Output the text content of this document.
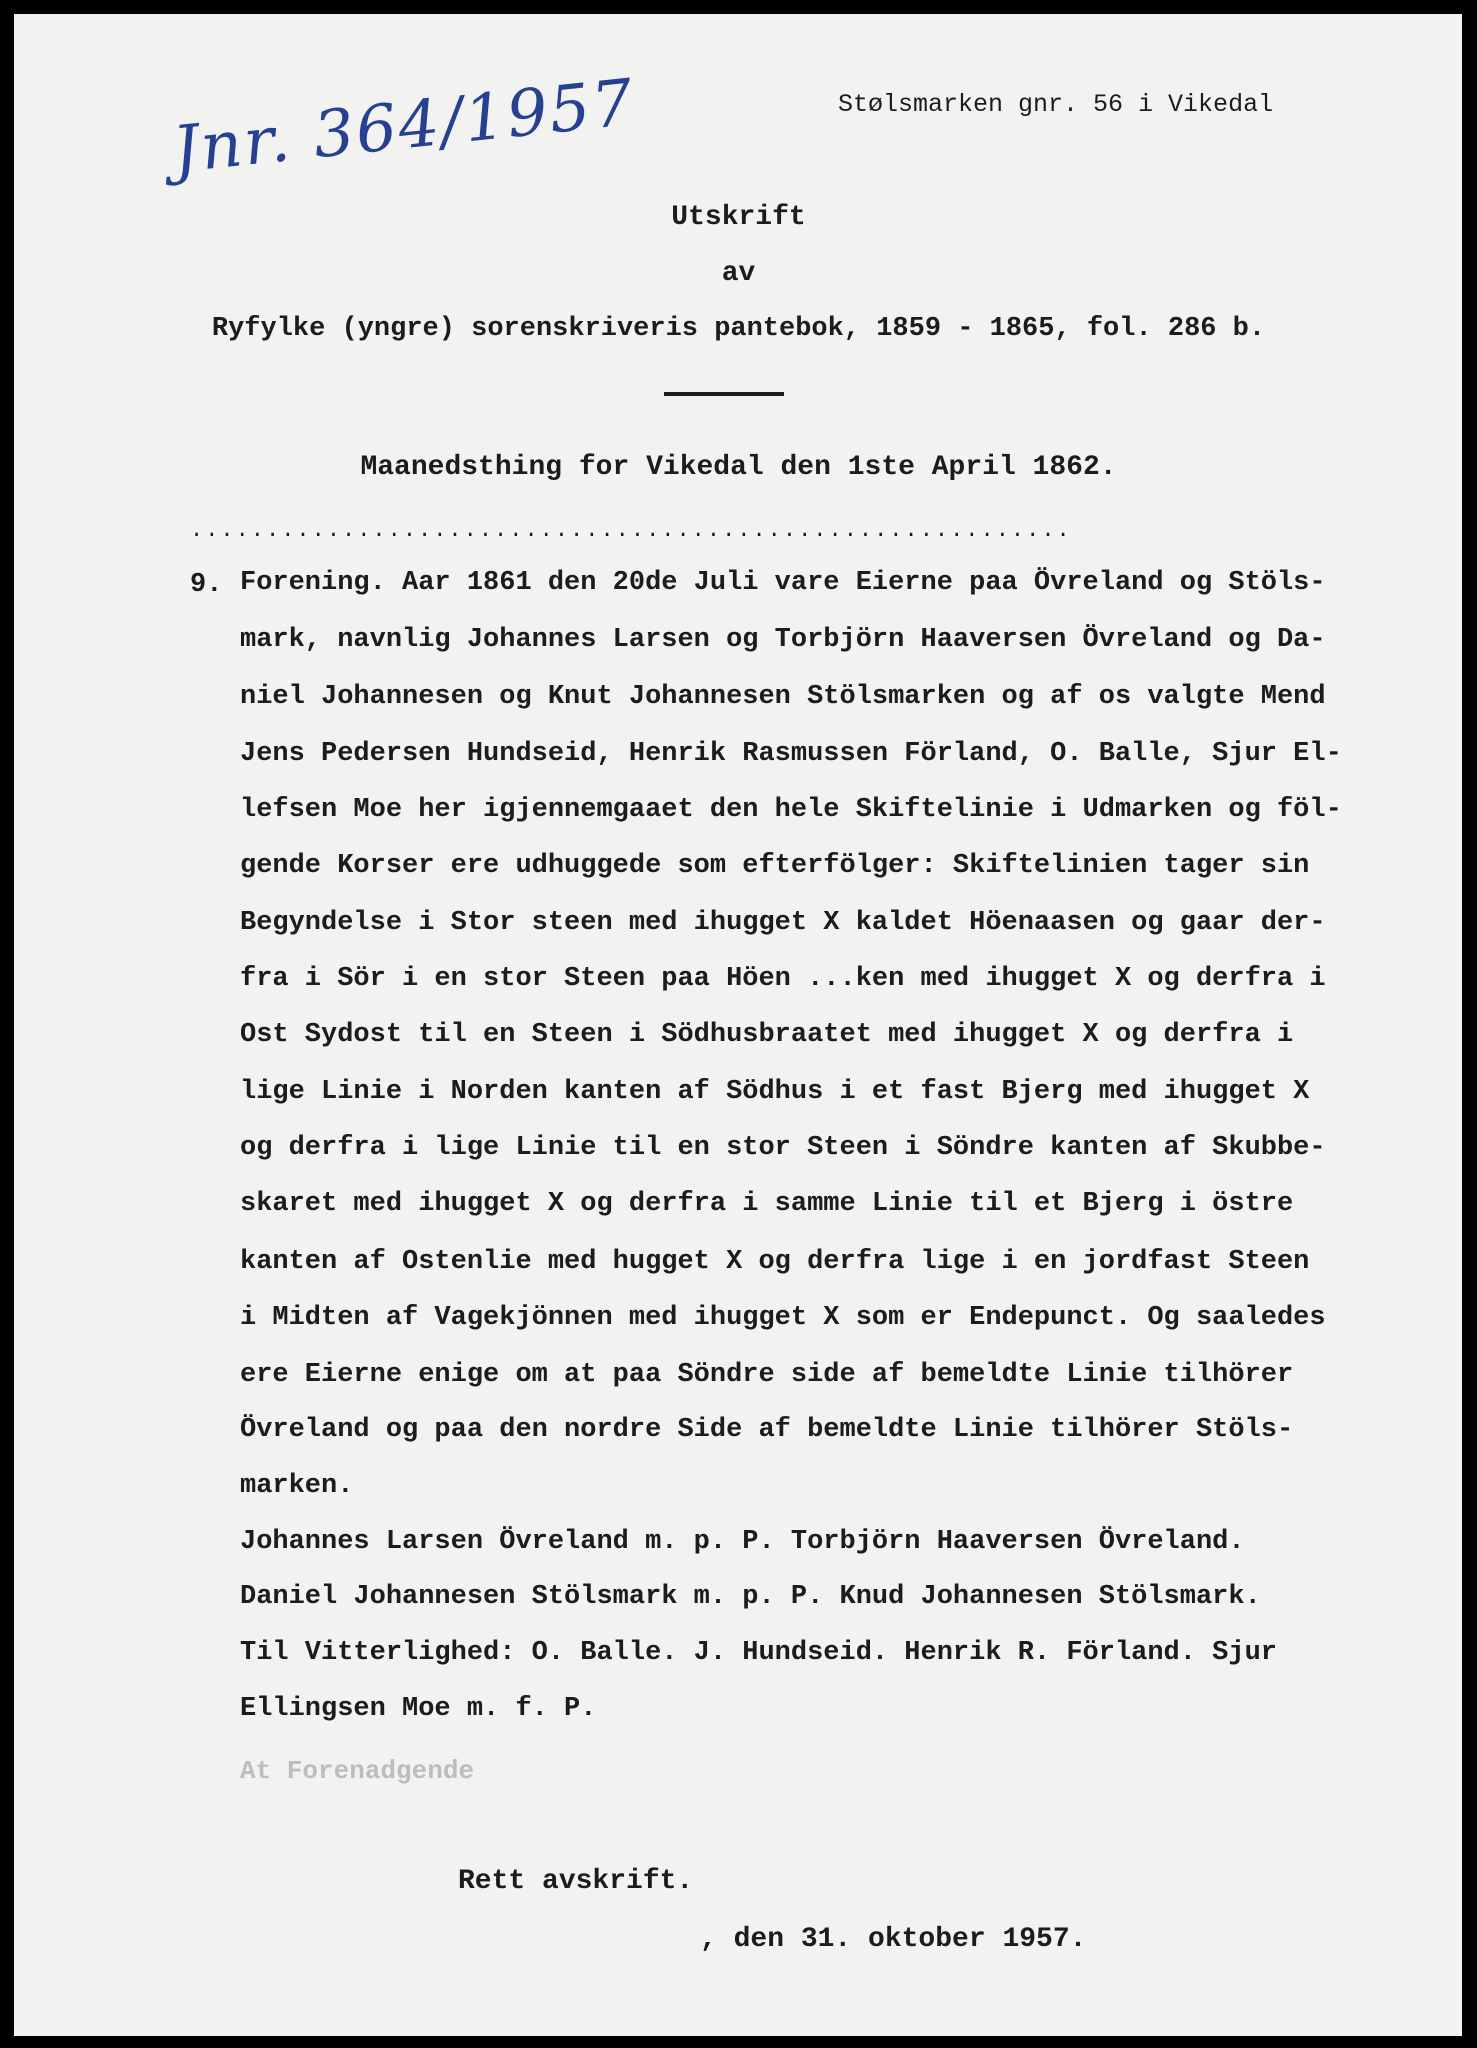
Jnr. 364/1957	Stølsmarken gnr. 56 i Vikedal
Utskrift
av
Ryfylke (yngre) sorenskriveris pantebok, 1859 - 1865, fol. 286 b.
Maanedsthing for Vikedal den 1ste April 1862.
..........................................................
9. Forening. Aar 1861 den 20de Juli vare Eierne paa Övreland og Stöls-
mark, navnlig Johannes Larsen og Torbjörn Haaversen Övreland og Da-
niel Johannesen og Knut Johannesen Stölsmarken og af os valgte Mend
Jens Pedersen Hundseid, Henrik Rasmussen Förland, O. Balle, Sjur El-
lefsen Moe her igjennemgaaet den hele Skiftelinie i Udmarken og föl-
gende Korser ere udhuggede som efterfölger: Skiftelinien tager sin
Begyndelse i Stor steen med ihugget X kaldet Höenaasen og gaar der-
fra i Sör i en stor Steen paa Höen ...ken med ihugget X og derfra i
Ost Sydost til en Steen i Södhusbraatet med ihugget X og derfra i
lige Linie i Norden kanten af Södhus i et fast Bjerg med ihugget X
og derfra i lige Linie til en stor Steen i Söndre kanten af Skubbe-
skaret med ihugget X og derfra i samme Linie til et Bjerg i östre
kanten af Ostenlie med hugget X og derfra lige i en jordfast Steen
i Midten af Vagekjönnen med ihugget X som er Endepunct. Og saaledes
ere Eierne enige om at paa Söndre side af bemeldte Linie tilhörer
Övreland og paa den nordre Side af bemeldte Linie tilhörer Stöls-
marken.
Johannes Larsen Övreland m. p. P. Torbjörn Haaversen Övreland.
Daniel Johannesen Stölsmark m. p. P. Knud Johannesen Stölsmark.
Til Vitterlighed: O. Balle. J. Hundseid. Henrik R. Förland. Sjur
Ellingsen Moe m. f. P.
At Forenadgende
Rett avskrift.
, den 31. oktober 1957.
